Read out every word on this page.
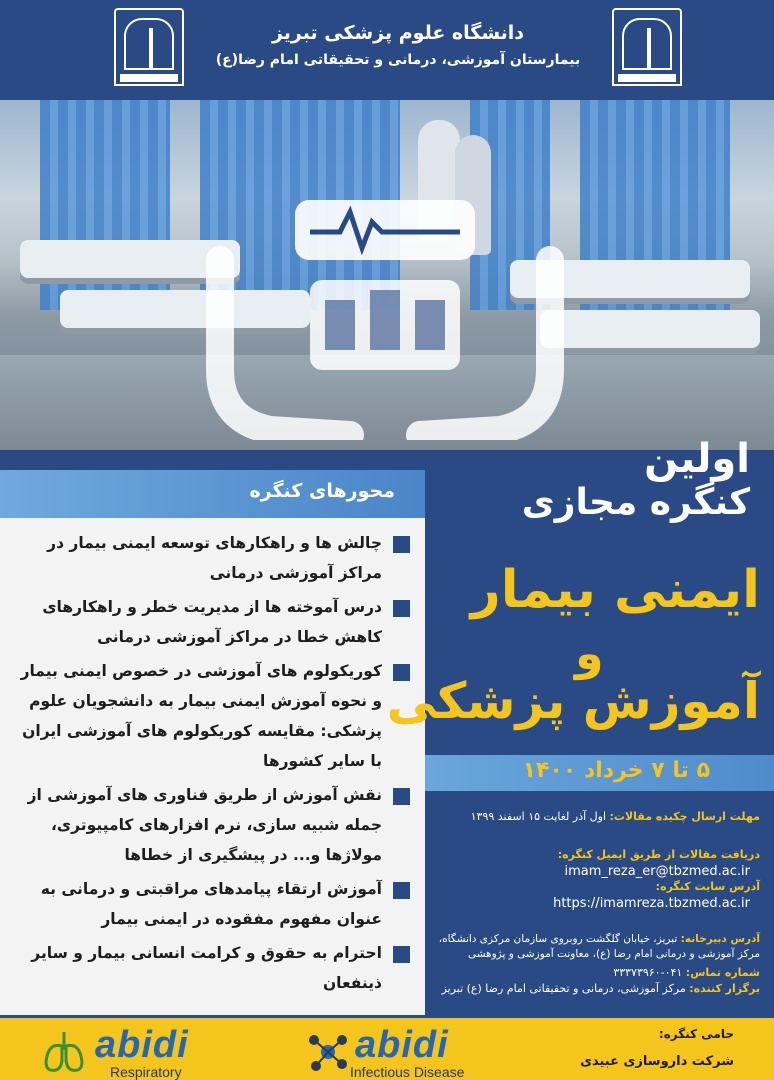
دانشگاه علوم پزشکی تبریز
بیمارستان آموزشی، درمانی و تحقیقاتی امام رضا(ع)
محورهای کنگره
چالش ها و راهکارهای توسعه ایمنی بیمار در مراکز آموزشی درمانی
درس آموخته ها از مدیریت خطر و راهکارهای کاهش خطا در مراکز آموزشی درمانی
کوریکولوم های آموزشی در خصوص ایمنی بیمار و نحوه آموزش ایمنی بیمار به دانشجویان علوم پزشکی: مقایسه کوریکولوم های آموزشی ایران با سایر کشورها
نقش آموزش از طریق فناوری های آموزشی از جمله شبیه سازی، نرم افزارهای کامپیوتری، مولاژها و... در پیشگیری از خطاها
آموزش ارتقاء پیامدهای مراقبتی و درمانی به عنوان مفهوم مفقوده در ایمنی بیمار
احترام به حقوق و کرامت انسانی بیمار و سایر ذینفعان
اولین
کنگره مجازی
ایمنی بیمار
و
آموزش پزشکی
۵ تا ۷ خرداد ۱۴۰۰
مهلت ارسال چکیده مقالات: اول آذر لغایت ۱۵ اسفند ۱۳۹۹
دریافت مقالات از طریق ایمیل کنگره:
imam_reza_er@tbzmed.ac.ir
آدرس سایت کنگره:
https://imamreza.tbzmed.ac.ir
آدرس دبیرخانه: تبریز، خیابان گلگشت روبروی سازمان مرکزی دانشگاه، مرکز آموزشی و درمانی امام رضا (ع)، معاونت آموزشی و پژوهشی
شماره تماس: ۰۴۱-۳۳۳۷۳۹۶۰
برگزار کننده: مرکز آموزشی، درمانی و تحقیقاتی امام رضا (ع) تبریز
abidi
Respiratory
abidi
Infectious Disease
حامی کنگره:
شرکت داروسازی عبیدی
